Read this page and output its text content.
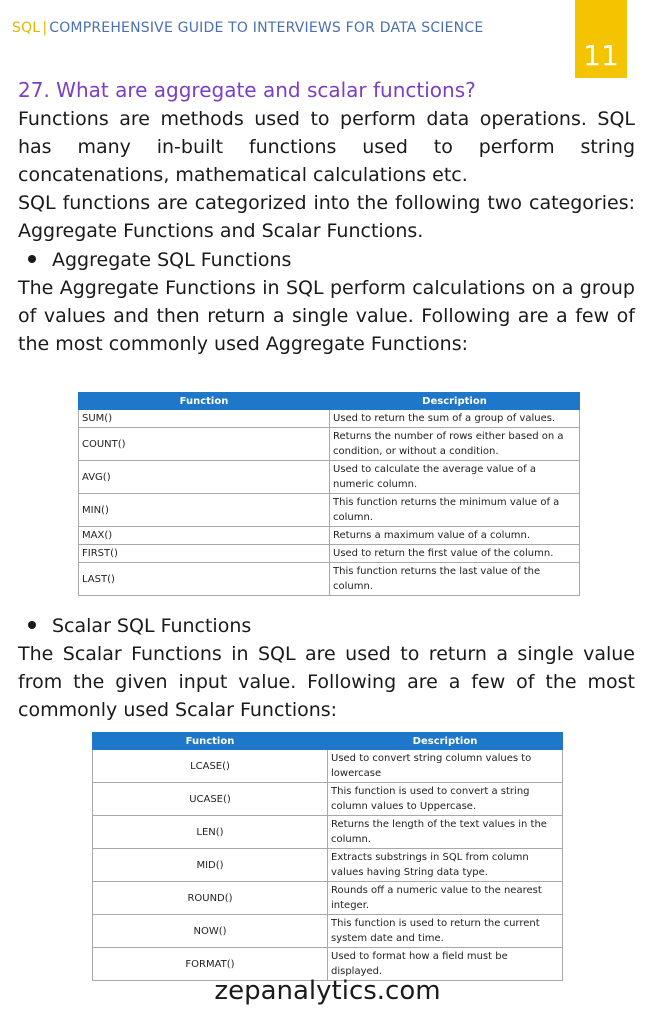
SQL | COMPREHENSIVE GUIDE TO INTERVIEWS FOR DATA SCIENCE
11
27. What are aggregate and scalar functions?
Functions are methods used to perform data operations. SQL has many in-built functions used to perform string concatenations, mathematical calculations etc.
SQL functions are categorized into the following two categories: Aggregate Functions and Scalar Functions.
Aggregate SQL Functions
The Aggregate Functions in SQL perform calculations on a group of values and then return a single value. Following are a few of the most commonly used Aggregate Functions:
Function	Description
SUM()	Used to return the sum of a group of values.
COUNT()	Returns the number of rows either based on a condition, or without a condition.
AVG()	Used to calculate the average value of a numeric column.
MIN()	This function returns the minimum value of a column.
MAX()	Returns a maximum value of a column.
FIRST()	Used to return the first value of the column.
LAST()	This function returns the last value of the column.
Scalar SQL Functions
The Scalar Functions in SQL are used to return a single value from the given input value. Following are a few of the most commonly used Scalar Functions:
Function	Description
LCASE()	Used to convert string column values to lowercase
UCASE()	This function is used to convert a string column values to Uppercase.
LEN()	Returns the length of the text values in the column.
MID()	Extracts substrings in SQL from column values having String data type.
ROUND()	Rounds off a numeric value to the nearest integer.
NOW()	This function is used to return the current system date and time.
FORMAT()	Used to format how a field must be displayed.
zepanalytics.com
